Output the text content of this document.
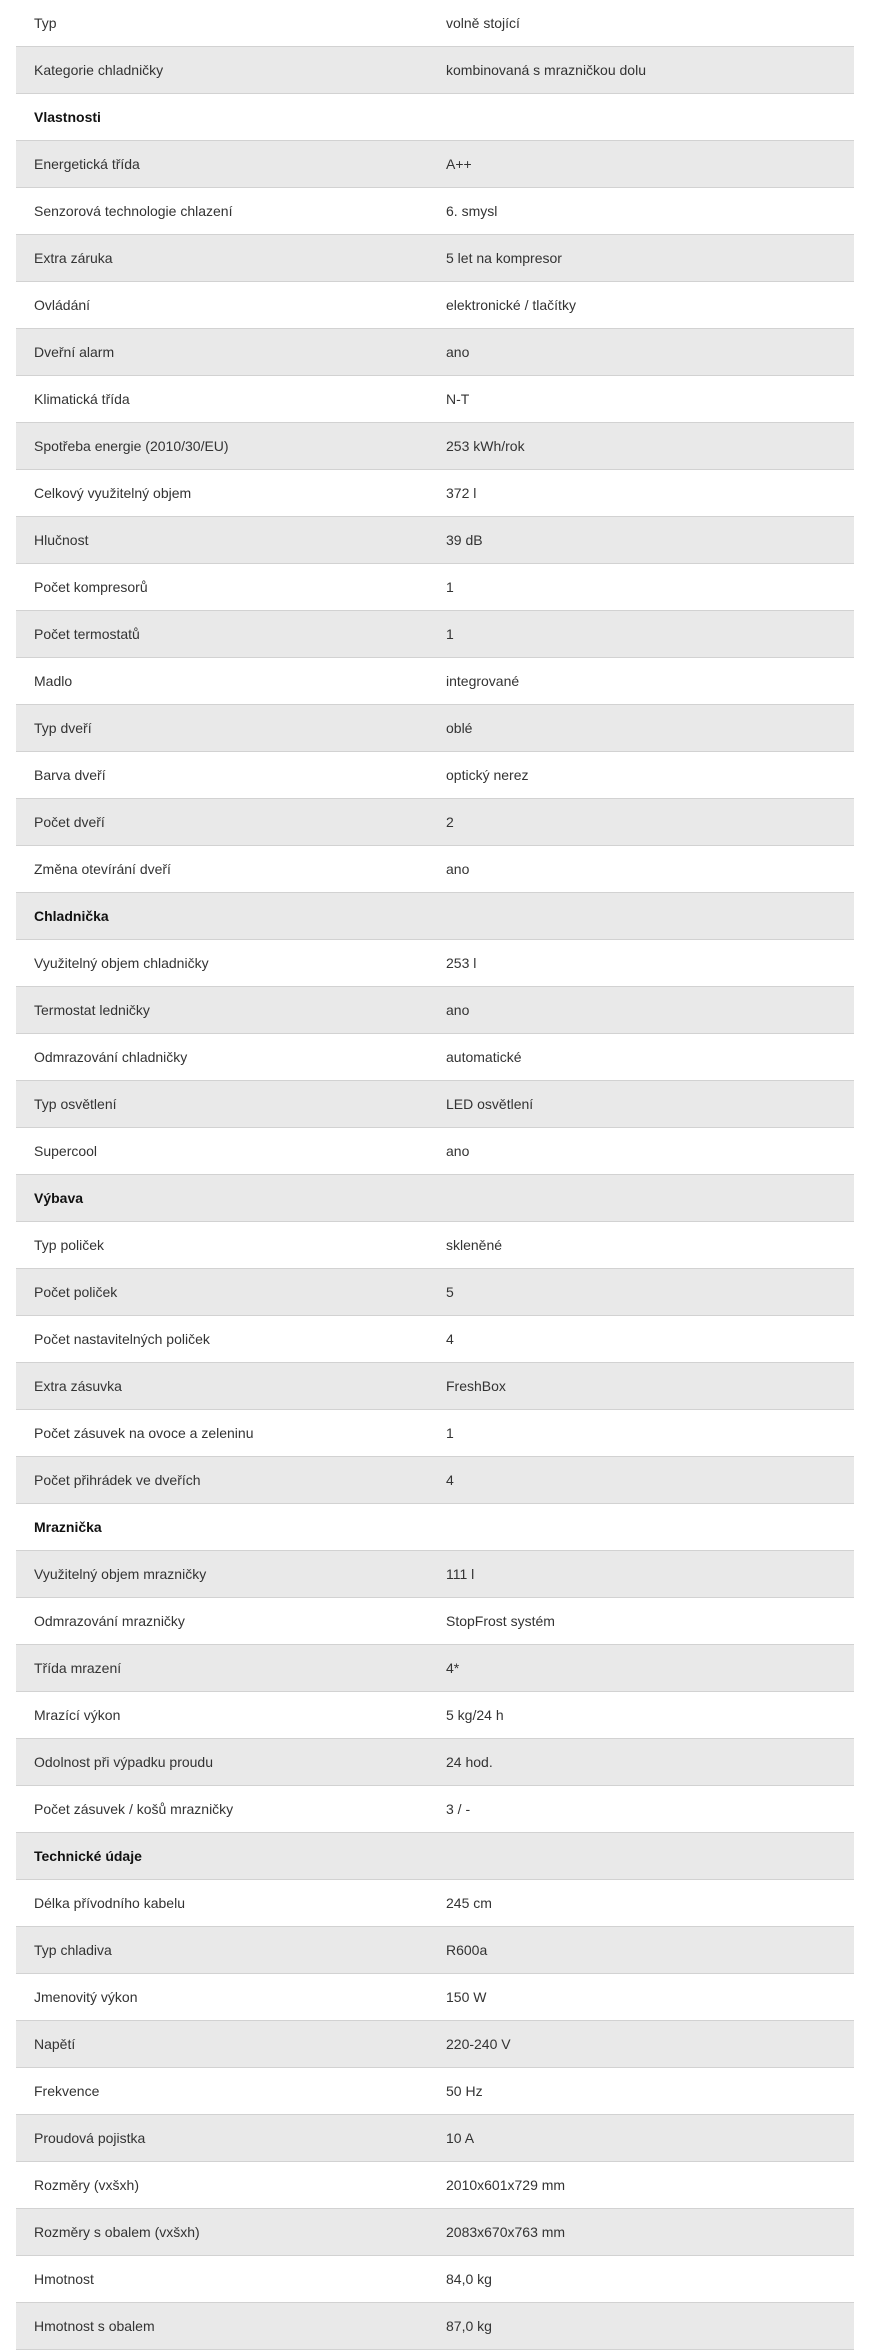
Typ	volně stojící
Kategorie chladničky	kombinovaná s mrazničkou dolu
Vlastnosti
Energetická třída	A++
Senzorová technologie chlazení	6. smysl
Extra záruka	5 let na kompresor
Ovládání	elektronické / tlačítky
Dveřní alarm	ano
Klimatická třída	N-T
Spotřeba energie (2010/30/EU)	253 kWh/rok
Celkový využitelný objem	372 l
Hlučnost	39 dB
Počet kompresorů	1
Počet termostatů	1
Madlo	integrované
Typ dveří	oblé
Barva dveří	optický nerez
Počet dveří	2
Změna otevírání dveří	ano
Chladnička
Využitelný objem chladničky	253 l
Termostat ledničky	ano
Odmrazování chladničky	automatické
Typ osvětlení	LED osvětlení
Supercool	ano
Výbava
Typ poliček	skleněné
Počet poliček	5
Počet nastavitelných poliček	4
Extra zásuvka	FreshBox
Počet zásuvek na ovoce a zeleninu	1
Počet přihrádek ve dveřích	4
Mraznička
Využitelný objem mrazničky	111 l
Odmrazování mrazničky	StopFrost systém
Třída mrazení	4*
Mrazící výkon	5 kg/24 h
Odolnost při výpadku proudu	24 hod.
Počet zásuvek / košů mrazničky	3 / -
Technické údaje
Délka přívodního kabelu	245 cm
Typ chladiva	R600a
Jmenovitý výkon	150 W
Napětí	220-240 V
Frekvence	50 Hz
Proudová pojistka	10 A
Rozměry (vxšxh)	2010x601x729 mm
Rozměry s obalem (vxšxh)	2083x670x763 mm
Hmotnost	84,0 kg
Hmotnost s obalem	87,0 kg
